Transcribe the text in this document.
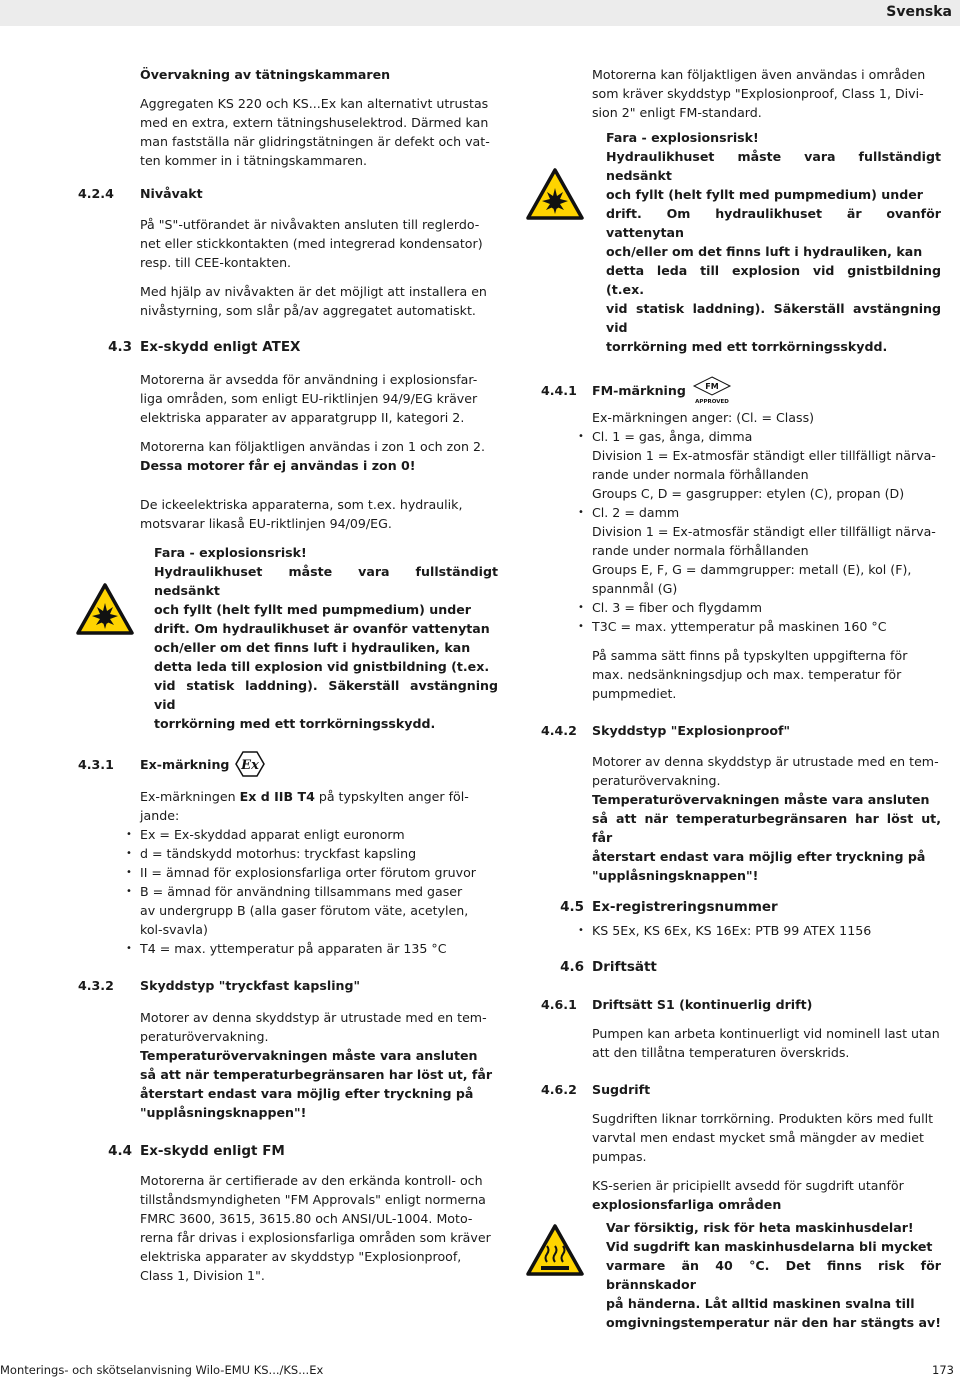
Svenska
Övervakning av tätningskammaren
Aggregaten KS 220 och KS...Ex kan alternativt utrustas
med en extra, extern tätningshuselektrod. Därmed kan
man fastställa när glidringstätningen är defekt och vat-
ten kommer in i tätningskammaren.
4.2.4	Nivåvakt
På "S"-utförandet är nivåvakten ansluten till reglerdo-
net eller stickkontakten (med integrerad kondensator)
resp. till CEE-kontakten.
Med hjälp av nivåvakten är det möjligt att installera en
nivåstyrning, som slår på/av aggregatet automatiskt.
4.3 Ex-skydd enligt ATEX
Motorerna är avsedda för användning i explosionsfar-
liga områden, som enligt EU-riktlinjen 94/9/EG kräver
elektriska apparater av apparatgrupp II, kategori 2.
Motorerna kan följaktligen användas i zon 1 och zon 2.
Dessa motorer får ej användas i zon 0!
De ickeelektriska apparaterna, som t.ex. hydraulik,
motsvarar likaså EU-riktlinjen 94/09/EG.
Fara - explosionsrisk!
Hydraulikhuset måste vara fullständigt nedsänkt
och fyllt (helt fyllt med pumpmedium) under
drift. Om hydraulikhuset är ovanför vattenytan
och/eller om det finns luft i hydrauliken, kan
detta leda till explosion vid gnistbildning (t.ex.
vid statisk laddning). Säkerställ avstängning vid
torrkörning med ett torrkörningsskydd.
4.3.1	Ex-märkning Ex
Ex-märkningen Ex d IIB T4 på typskylten anger föl-
jande:
• Ex = Ex-skyddad apparat enligt euronorm
• d = tändskydd motorhus: tryckfast kapsling
• II = ämnad för explosionsfarliga orter förutom gruvor
• B = ämnad för användning tillsammans med gaser av undergrupp B (alla gaser förutom väte, acetylen, kol-svavla)
• T4 = max. yttemperatur på apparaten är 135 °C
4.3.2	Skyddstyp "tryckfast kapsling"
Motorer av denna skyddstyp är utrustade med en tem-
peraturövervakning.
Temperaturövervakningen måste vara ansluten
så att när temperaturbegränsaren har löst ut, får
återstart endast vara möjlig efter tryckning på
"upplåsningsknappen"!
4.4 Ex-skydd enligt FM
Motorerna är certifierade av den erkända kontroll- och
tillståndsmyndigheten "FM Approvals" enligt normerna
FMRC 3600, 3615, 3615.80 och ANSI/UL-1004. Moto-
rerna får drivas i explosionsfarliga områden som kräver
elektriska apparater av skyddstyp "Explosionproof,
Class 1, Division 1".
Motorerna kan följaktligen även användas i områden
som kräver skyddstyp "Explosionproof, Class 1, Divi-
sion 2" enligt FM-standard.
Fara - explosionsrisk!
Hydraulikhuset måste vara fullständigt nedsänkt
och fyllt (helt fyllt med pumpmedium) under
drift. Om hydraulikhuset är ovanför vattenytan
och/eller om det finns luft i hydrauliken, kan
detta leda till explosion vid gnistbildning (t.ex.
vid statisk laddning). Säkerställ avstängning vid
torrkörning med ett torrkörningsskydd.
4.4.1	FM-märkning FM
APPROVED
Ex-märkningen anger: (Cl. = Class)
• Cl. 1 = gas, ånga, dimma
Division 1 = Ex-atmosfär ständigt eller tillfälligt närva-
rande under normala förhållanden
Groups C, D = gasgrupper: etylen (C), propan (D)
• Cl. 2 = damm
Division 1 = Ex-atmosfär ständigt eller tillfälligt närva-
rande under normala förhållanden
Groups E, F, G = dammgrupper: metall (E), kol (F),
spannmål (G)
• Cl. 3 = fiber och flygdamm
• T3C = max. yttemperatur på maskinen 160 °C
På samma sätt finns på typskylten uppgifterna för
max. nedsänkningsdjup och max. temperatur för
pumpmediet.
4.4.2	Skyddstyp "Explosionproof"
Motorer av denna skyddstyp är utrustade med en tem-
peraturövervakning.
Temperaturövervakningen måste vara ansluten
så att när temperaturbegränsaren har löst ut, får
återstart endast vara möjlig efter tryckning på
"upplåsningsknappen"!
4.5 Ex-registreringsnummer
• KS 5Ex, KS 6Ex, KS 16Ex: PTB 99 ATEX 1156
4.6 Driftsätt
4.6.1	Driftsätt S1 (kontinuerlig drift)
Pumpen kan arbeta kontinuerligt vid nominell last utan
att den tillåtna temperaturen överskrids.
4.6.2	Sugdrift
Sugdriften liknar torrkörning. Produkten körs med fullt
varvtal men endast mycket små mängder av mediet
pumpas.
KS-serien är pricipiellt avsedd för sugdrift utanför
explosionsfarliga områden
Var försiktig, risk för heta maskinhusdelar!
Vid sugdrift kan maskinhusdelarna bli mycket
varmare än 40 °C. Det finns risk för brännskador
på händerna. Låt alltid maskinen svalna till
omgivningstemperatur när den har stängts av!
Monterings- och skötselanvisning Wilo-EMU KS.../KS...Ex	173
